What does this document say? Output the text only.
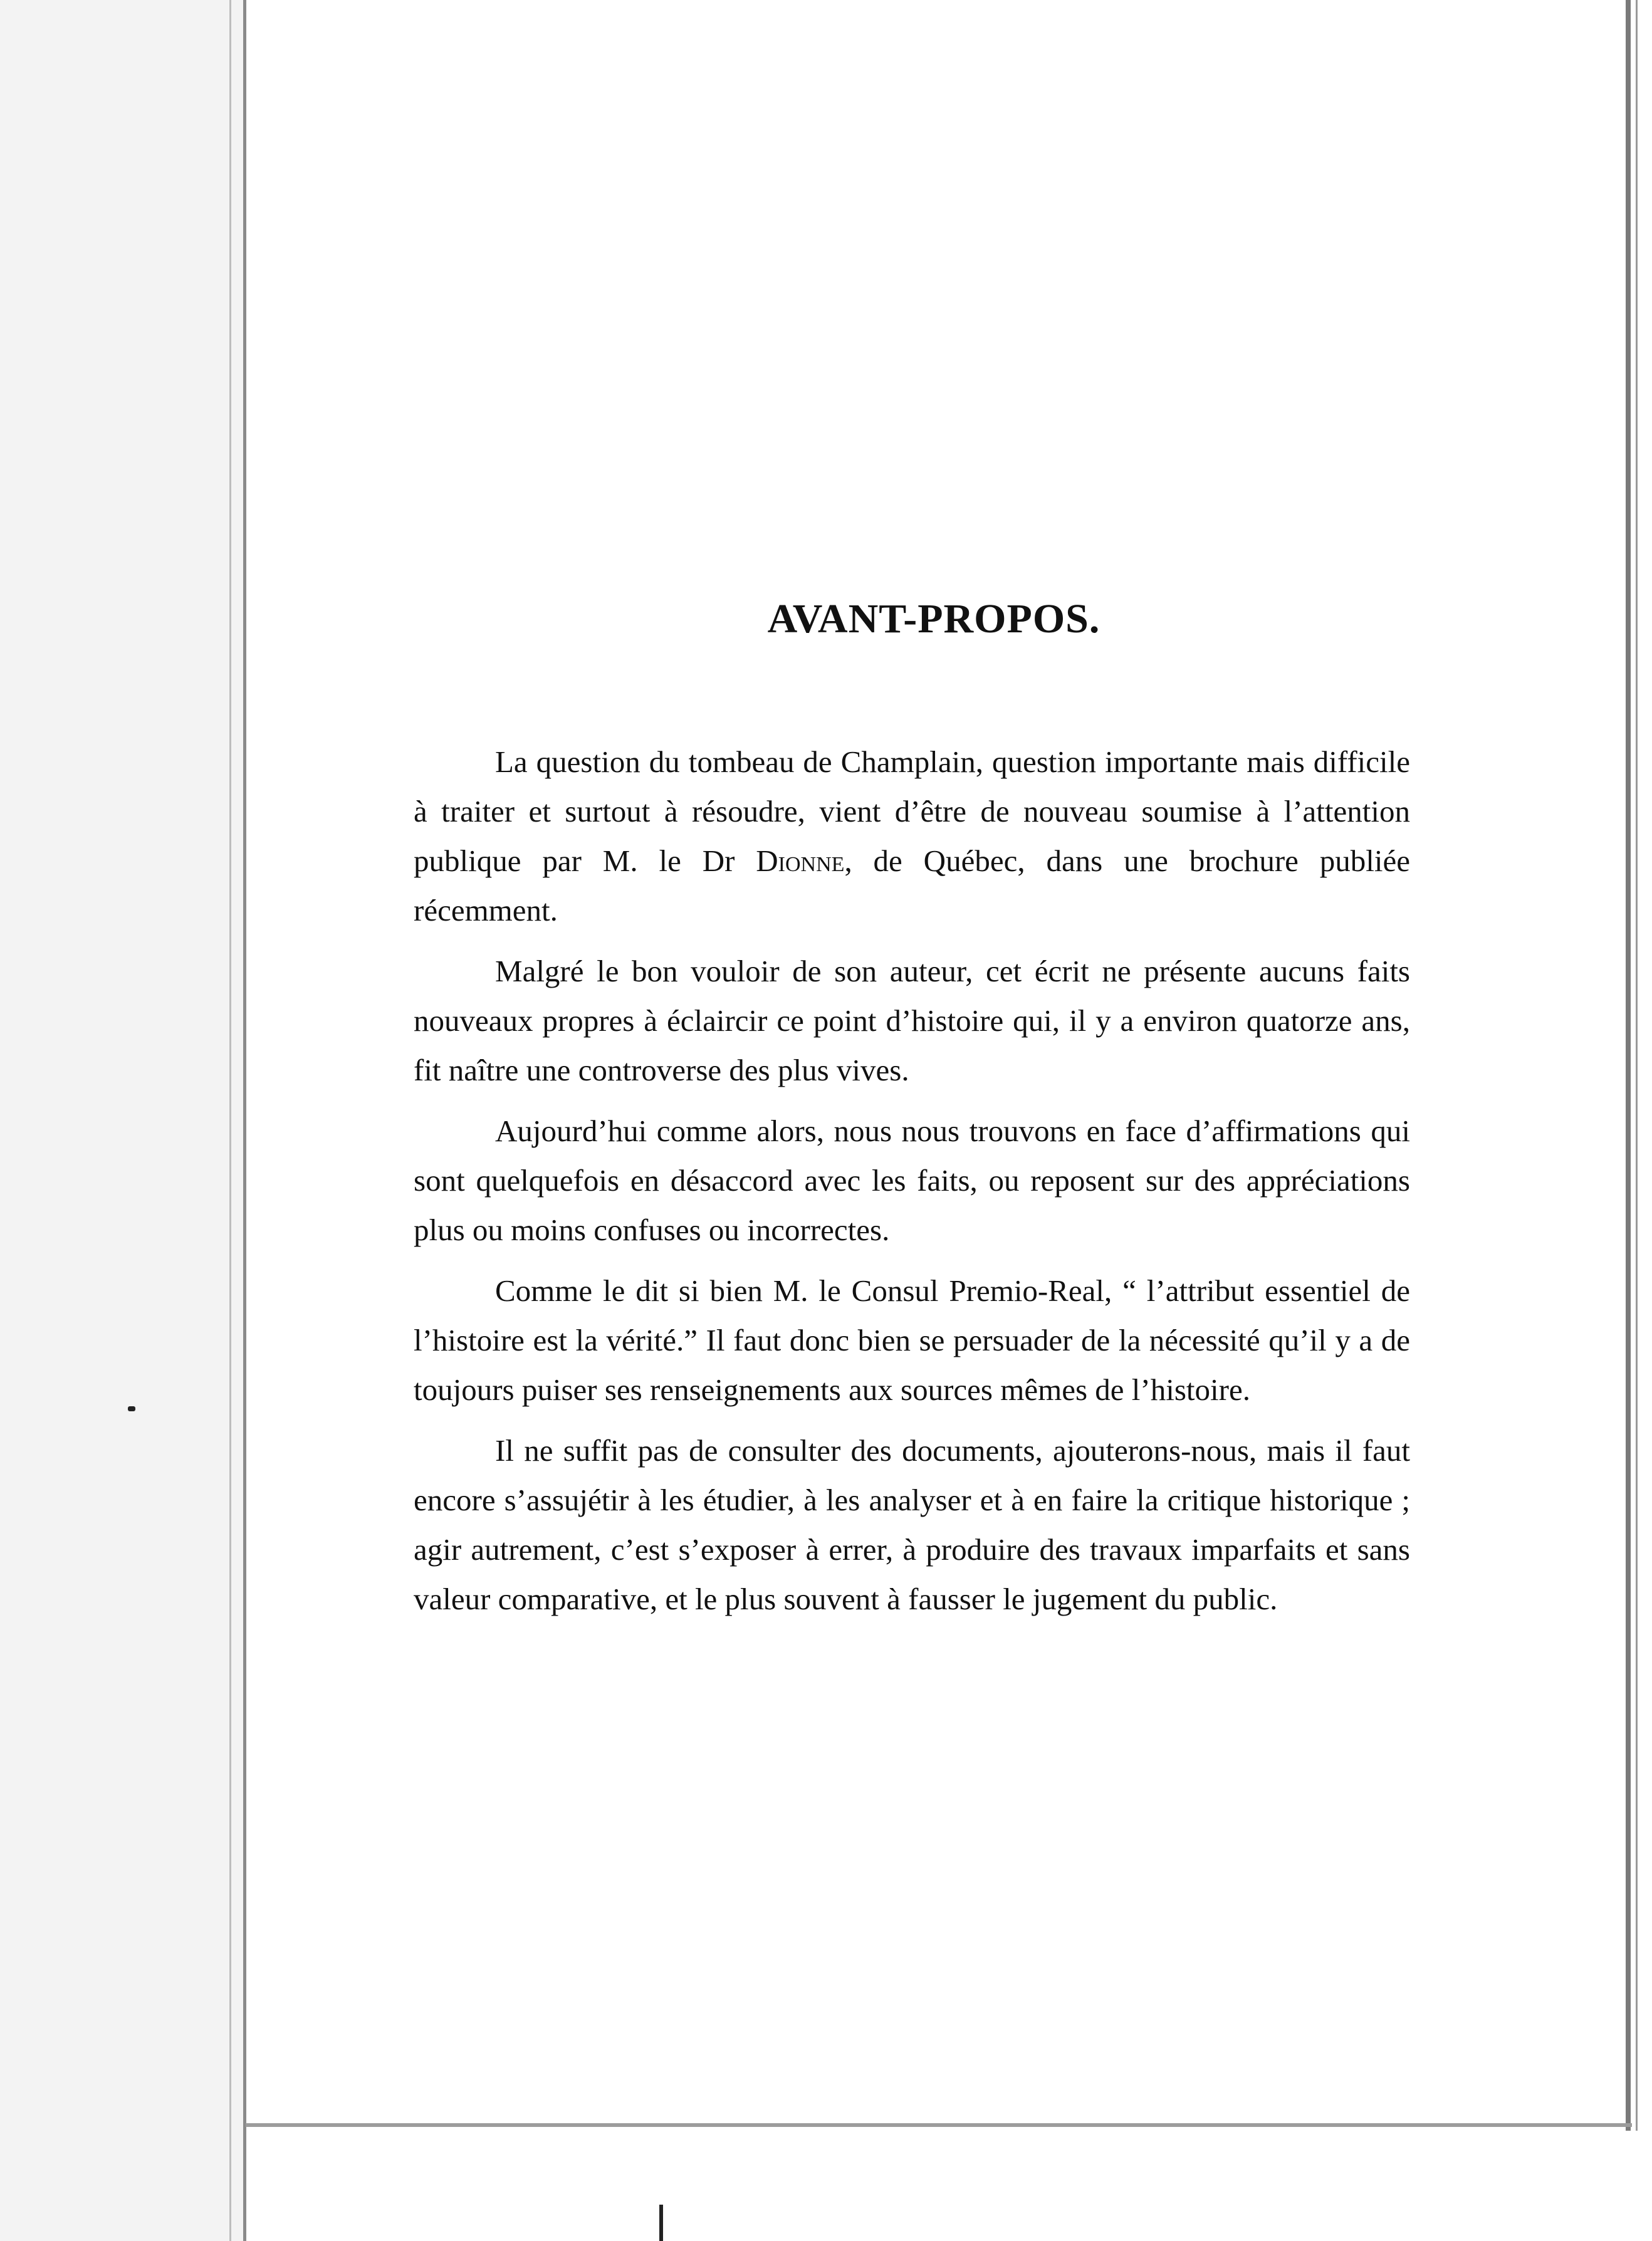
AVANT-PROPOS.

La question du tombeau de Champlain, question importante mais difficile à traiter et surtout à résoudre, vient d’être de nouveau soumise à l’attention publique par M. le Dr Dionne, de Québec, dans une brochure publiée récemment.

Malgré le bon vouloir de son auteur, cet écrit ne présente aucuns faits nouveaux propres à éclaircir ce point d’histoire qui, il y a environ quatorze ans, fit naître une controverse des plus vives.

Aujourd’hui comme alors, nous nous trouvons en face d’affirmations qui sont quelquefois en désaccord avec les faits, ou reposent sur des appréciations plus ou moins confuses ou incorrectes.

Comme le dit si bien M. le Consul Premio-Real, “ l’attribut essentiel de l’histoire est la vérité.” Il faut donc bien se persuader de la nécessité qu’il y a de toujours puiser ses renseignements aux sources mêmes de l’histoire.

Il ne suffit pas de consulter des documents, ajouterons-nous, mais il faut encore s’assujétir à les étudier, à les analyser et à en faire la critique historique ; agir autrement, c’est s’exposer à errer, à produire des travaux imparfaits et sans valeur comparative, et le plus souvent à fausser le jugement du public.
